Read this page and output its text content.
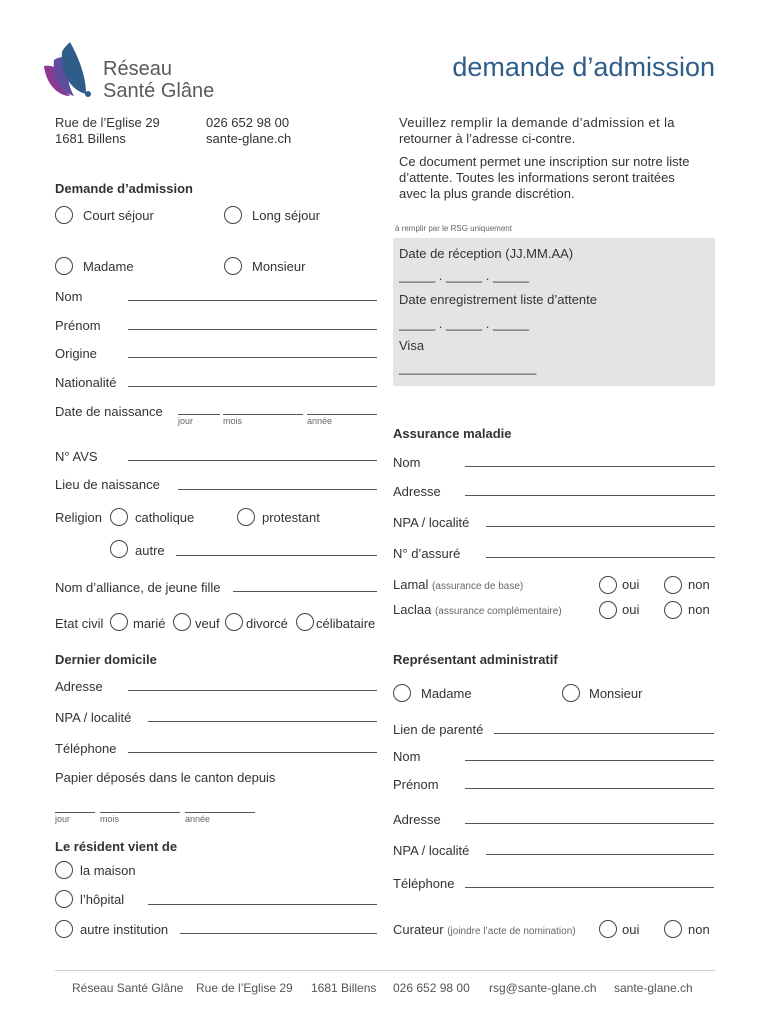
Réseau
Santé Glâne
demande d’admission
Rue de l’Eglise 29
1681 Billens
026 652 98 00
sante-glane.ch
Veuillez remplir la demande d’admission et la
retourner à l’adresse ci-contre.
Ce document permet une inscription sur notre liste
d’attente. Toutes les informations seront traitées
avec la plus grande discrétion.
à remplir par le RSG uniquement
Date de réception (JJ.MM.AA)
_____ . _____ . _____
Date enregistrement liste d’attente
_____ . _____ . _____
Visa
___________________
Demande d’admission
Court séjour	Long séjour
Madame	Monsieur
Nom
Prénom
Origine
Nationalité
Date de naissance
jour	mois	année
N° AVS
Lieu de naissance
Religion	catholique	protestant
autre
Nom d’alliance, de jeune fille
Etat civil marié veuf divorcé célibataire
Dernier domicile
Adresse
NPA / localité
Téléphone
Papier déposés dans le canton depuis
jour	mois	année
Le résident vient de
la maison
l’hôpital
autre institution
Assurance maladie
Nom
Adresse
NPA / localité
N° d’assuré
Lamal (assurance de base)	oui	non
Laclaa (assurance complémentaire)	oui	non
Représentant administratif
Madame	Monsieur
Lien de parenté
Nom
Prénom
Adresse
NPA / localité
Téléphone
Curateur (joindre l’acte de nomination)	oui	non
Réseau Santé Glâne Rue de l’Eglise 29 1681 Billens 026 652 98 00 rsg@sante-glane.ch sante-glane.ch
